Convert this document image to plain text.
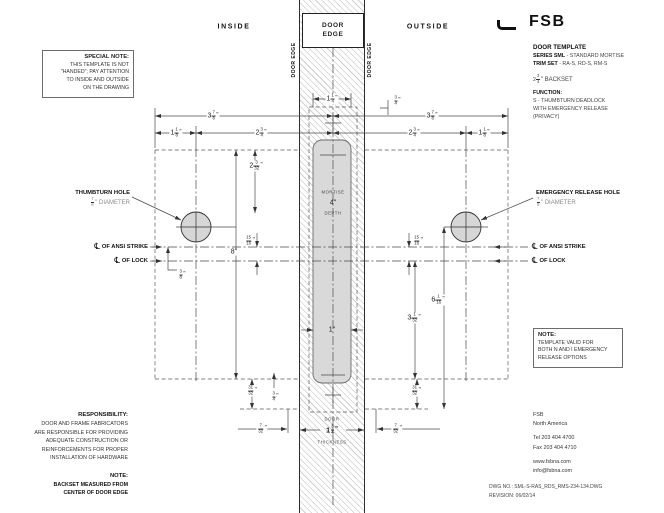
INSIDE	OUTSIDE
DOOR EDGE
DOOR EDGE	DOOR EDGE
SPECIAL NOTE:
THIS TEMPLATE IS NOT
"HANDED"; PAY ATTENTION
TO INSIDE AND OUTSIDE
ON THE DRAWING
FSB
DOOR TEMPLATE
SERIES SML - STANDARD MORTISE
TRIM SET - RA-S, RD-S, RM-S
$2 \frac{3}{4}$ " BACKSET
FUNCTION:
S - THUMBTURN DEADLOCK
WITH EMERGENCY RELEASE
(PRIVACY)
THUMBTURN HOLE
$\frac{7}{8}$ " DIAMETER
EMERGENCY RELEASE HOLE
$\frac{7}{8}$ " DIAMETER
℄ OF ANSI STRIKE
℄ OF LOCK
℄ OF ANSI STRIKE
℄ OF LOCK
MORTISE
4"
DEPTH
DOOR
$1 \frac{3}{4}$ "
THICKNESS
$3 \frac{7}{8}$ "
$1 \frac{1}{8}$ "	$2 \frac{3}{4}$ "
$2 \frac{3}{32}$ "
$3 \frac{7}{8}$ "
$2 \frac{3}{4}$ "	$1 \frac{1}{8}$ "
$1 \frac{1}{4}$ "	$\frac{3}{4}$ "
$\frac{15}{16}$ "
8"
$\frac{3}{8}$ "
$\frac{15}{16}$ "
$6 \frac{1}{16}$ "
$3 \frac{1}{32}$ "
1"
$\frac{31}{32}$ "
$\frac{3}{4}$ "
$\frac{7}{32}$ "
$\frac{31}{32}$ "
$\frac{7}{32}$ "
NOTE:
TEMPLATE VALID FOR
BOTH N AND I EMERGENCY
RELEASE OPTIONS
RESPONSIBILITY:
DOOR AND FRAME FABRICATORS
ARE RESPONSIBLE FOR PROVIDING
ADEQUATE CONSTRUCTION OR
REINFORCEMENTS FOR PROPER
INSTALLATION OF HARDWARE
NOTE:
BACKSET MEASURED FROM
CENTER OF DOOR EDGE
FSB
North America
Tel 203 404 4700
Fax 203 404 4710
www.fsbna.com
info@fsbna.com
DWG NO.: SML-S-RAS_RDS_RMS-234-134.DWG
REVISION: 06/02/14
